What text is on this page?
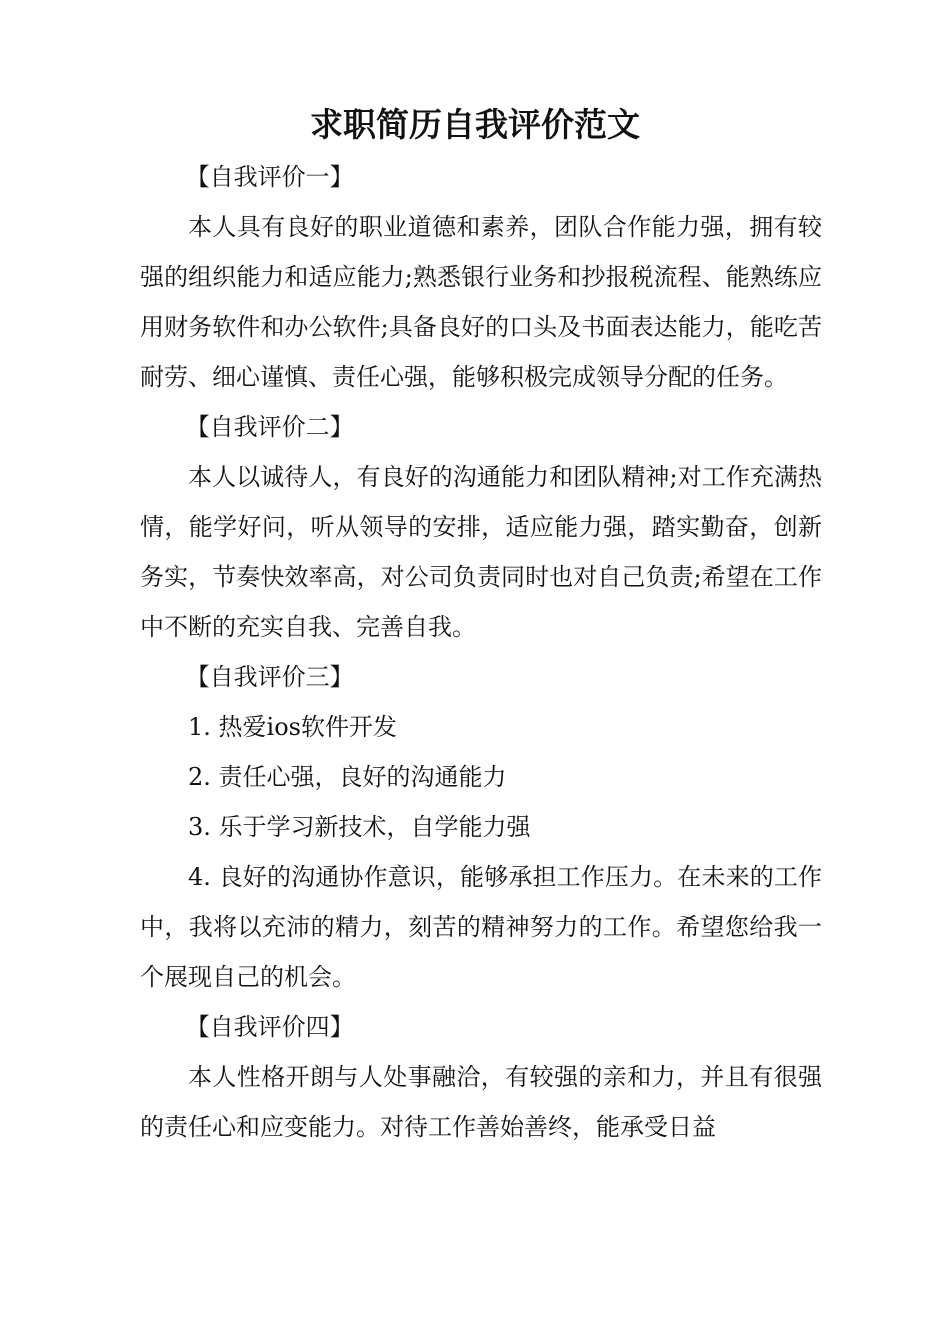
求职简历自我评价范文

【自我评价一】

本人具有良好的职业道德和素养，团队合作能力强，拥有较强的组织能力和适应能力;熟悉银行业务和抄报税流程、能熟练应用财务软件和办公软件;具备良好的口头及书面表达能力，能吃苦耐劳、细心谨慎、责任心强，能够积极完成领导分配的任务。

【自我评价二】

本人以诚待人，有良好的沟通能力和团队精神;对工作充满热情，能学好问，听从领导的安排，适应能力强，踏实勤奋，创新务实，节奏快效率高，对公司负责同时也对自己负责;希望在工作中不断的充实自我、完善自我。

【自我评价三】

1. 热爱ios软件开发

2. 责任心强，良好的沟通能力

3. 乐于学习新技术，自学能力强

4. 良好的沟通协作意识，能够承担工作压力。在未来的工作中，我将以充沛的精力，刻苦的精神努力的工作。希望您给我一个展现自己的机会。

【自我评价四】

本人性格开朗与人处事融洽，有较强的亲和力，并且有很强的责任心和应变能力。对待工作善始善终，能承受日益
